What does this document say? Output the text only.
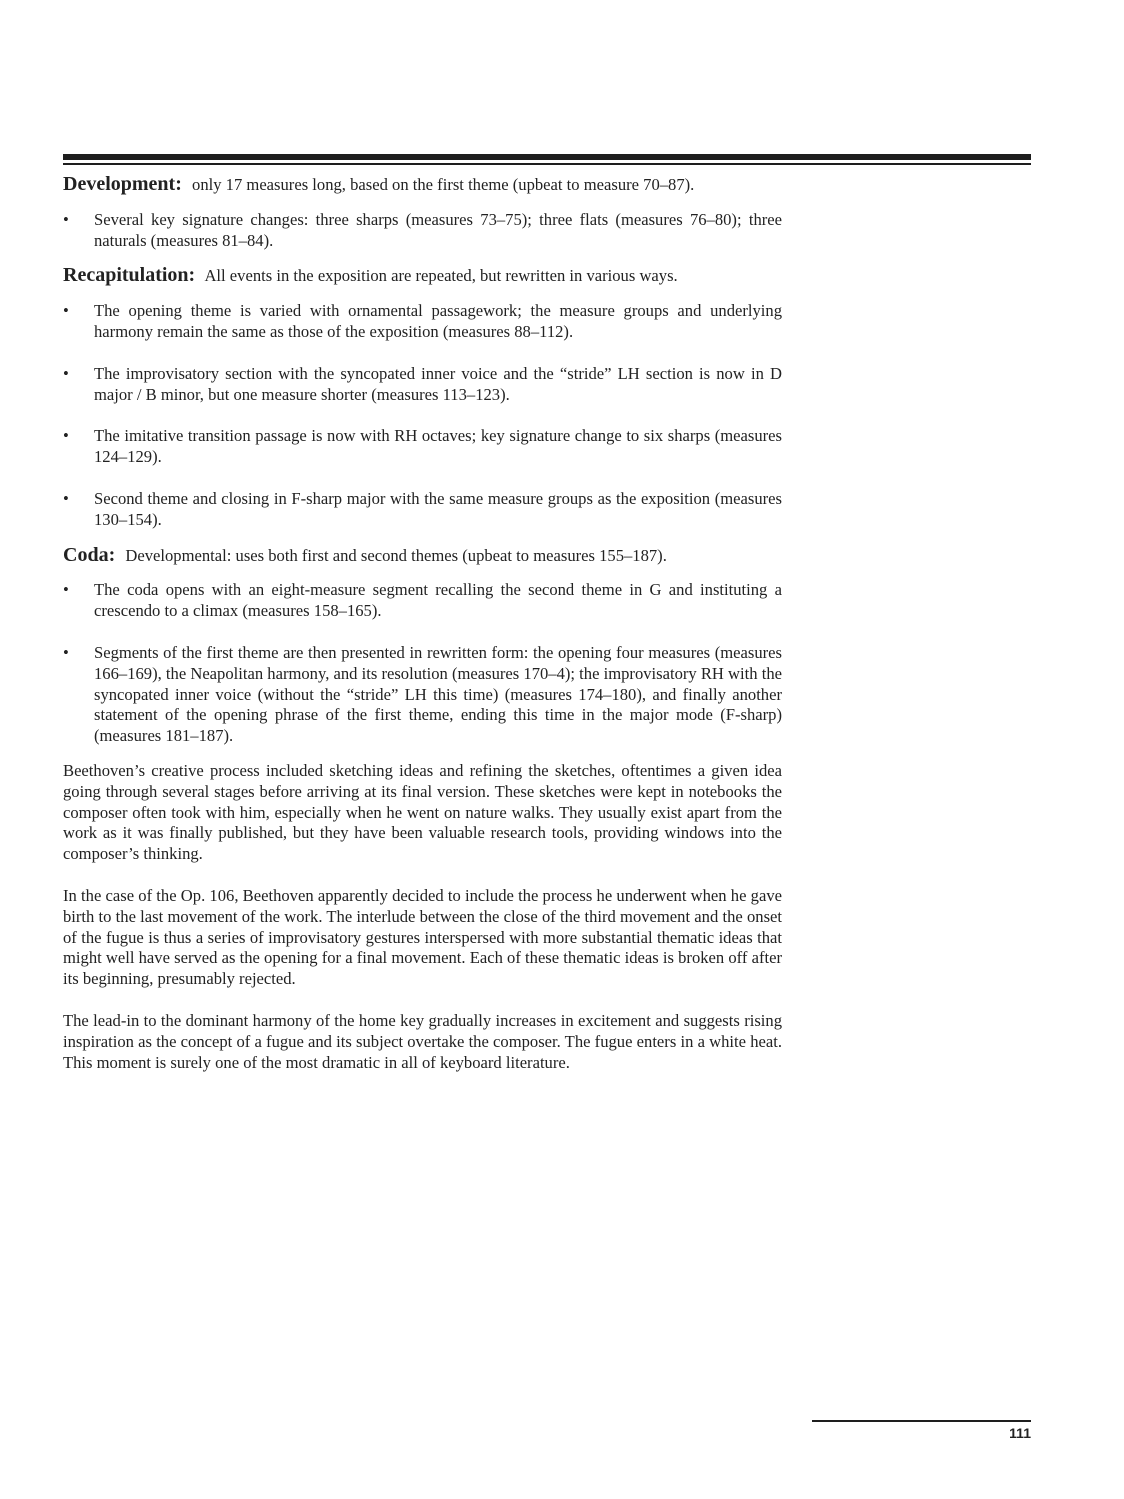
Development: only 17 measures long, based on the first theme (upbeat to measure 70–87).

• Several key signature changes: three sharps (measures 73–75); three flats (measures 76–80); three naturals (measures 81–84).

Recapitulation: All events in the exposition are repeated, but rewritten in various ways.

• The opening theme is varied with ornamental passagework; the measure groups and underlying harmony remain the same as those of the exposition (measures 88–112).
• The improvisatory section with the syncopated inner voice and the “stride” LH section is now in D major / B minor, but one measure shorter (measures 113–123).
• The imitative transition passage is now with RH octaves; key signature change to six sharps (measures 124–129).
• Second theme and closing in F-sharp major with the same measure groups as the exposition (measures 130–154).

Coda: Developmental: uses both first and second themes (upbeat to measures 155–187).

• The coda opens with an eight-measure segment recalling the second theme in G and instituting a crescendo to a climax (measures 158–165).
• Segments of the first theme are then presented in rewritten form: the opening four measures (measures 166–169), the Neapolitan harmony, and its resolution (measures 170–4); the improvisatory RH with the syncopated inner voice (without the “stride” LH this time) (measures 174–180), and finally another statement of the opening phrase of the first theme, ending this time in the major mode (F-sharp) (measures 181–187).

Beethoven’s creative process included sketching ideas and refining the sketches, oftentimes a given idea going through several stages before arriving at its final version. These sketches were kept in notebooks the composer often took with him, especially when he went on nature walks. They usually exist apart from the work as it was finally published, but they have been valuable research tools, providing windows into the composer’s thinking.

In the case of the Op. 106, Beethoven apparently decided to include the process he underwent when he gave birth to the last movement of the work. The interlude between the close of the third movement and the onset of the fugue is thus a series of improvisatory gestures interspersed with more substantial thematic ideas that might well have served as the opening for a final movement. Each of these thematic ideas is broken off after its beginning, presumably rejected.

The lead-in to the dominant harmony of the home key gradually increases in excitement and suggests rising inspiration as the concept of a fugue and its subject overtake the composer. The fugue enters in a white heat. This moment is surely one of the most dramatic in all of keyboard literature.

111
